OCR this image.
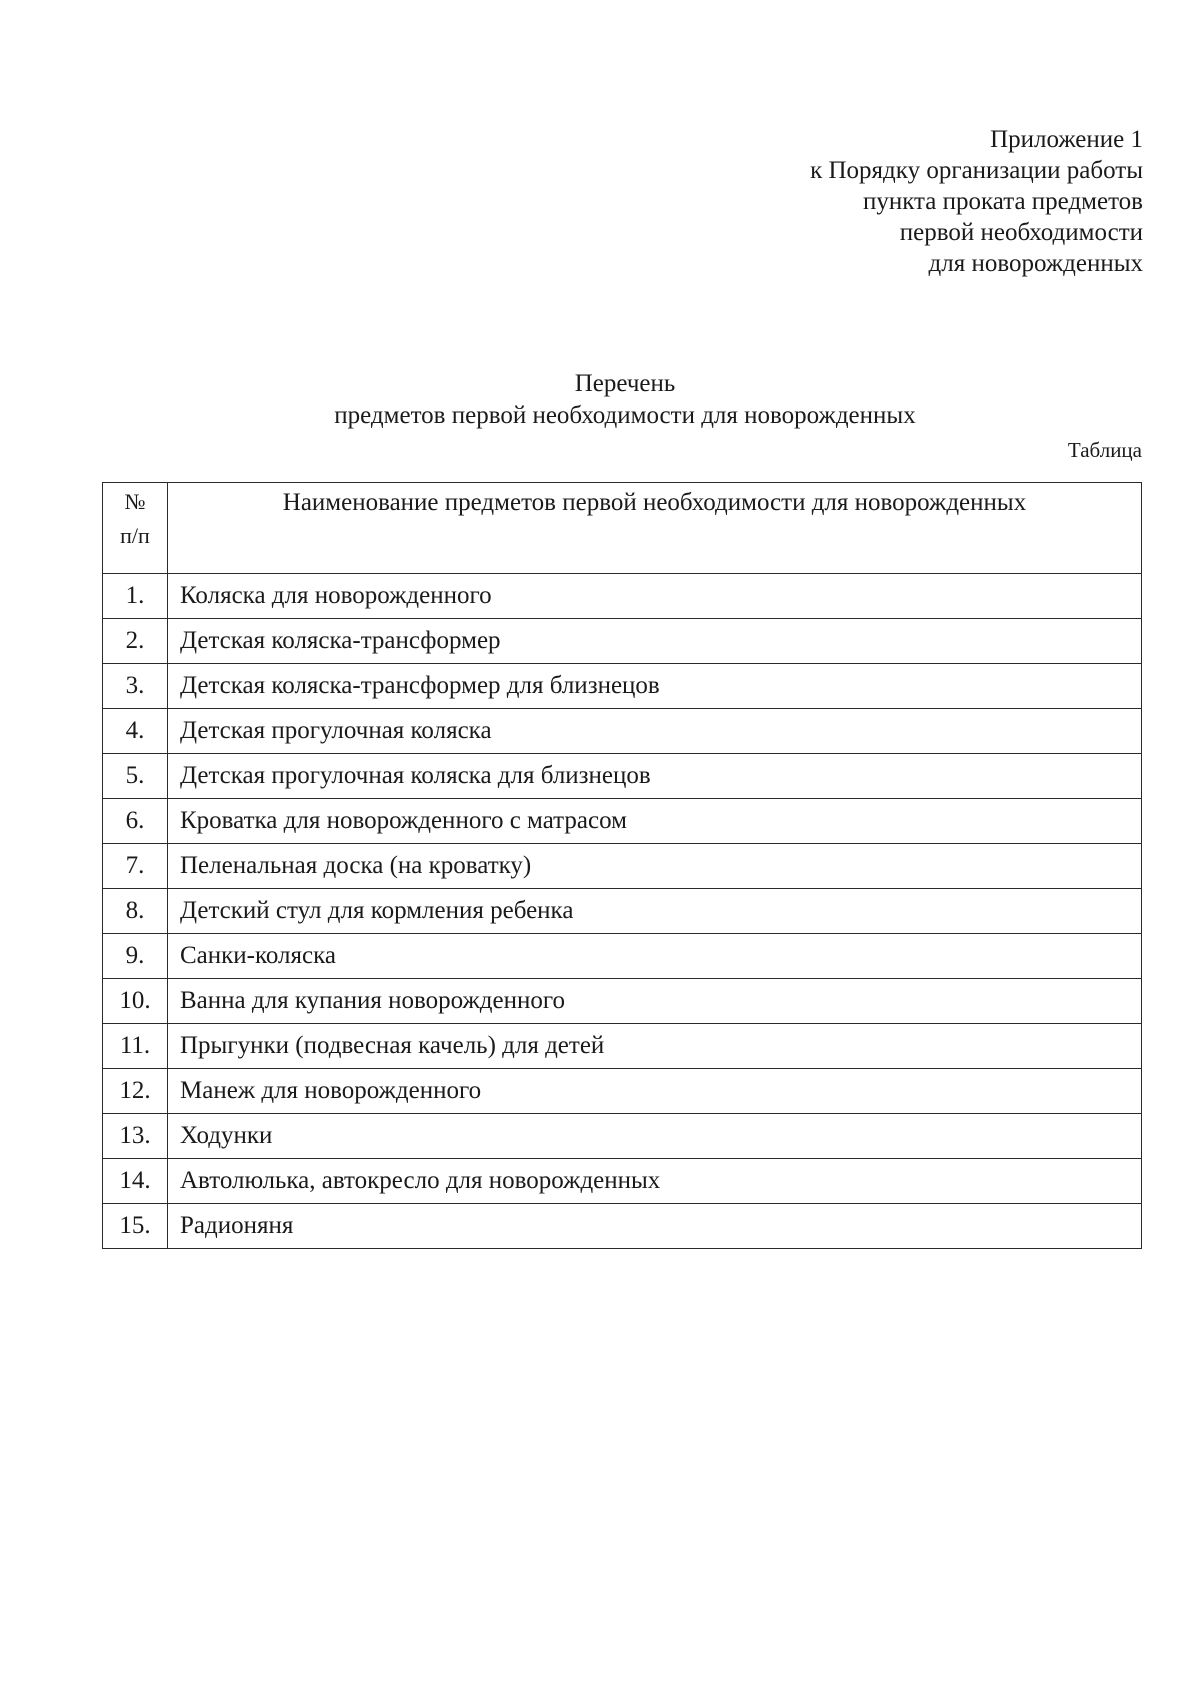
Приложение 1
к Порядку организации работы
пункта проката предметов
первой необходимости
для новорожденных
Перечень
предметов первой необходимости для новорожденных
Таблица
№
п/п	Наименование предметов первой необходимости для новорожденных
1.	Коляска для новорожденного
2.	Детская коляска-трансформер
3.	Детская коляска-трансформер для близнецов
4.	Детская прогулочная коляска
5.	Детская прогулочная коляска для близнецов
6.	Кроватка для новорожденного с матрасом
7.	Пеленальная доска (на кроватку)
8.	Детский стул для кормления ребенка
9.	Санки-коляска
10.	Ванна для купания новорожденного
11.	Прыгунки (подвесная качель) для детей
12.	Манеж для новорожденного
13.	Ходунки
14.	Автолюлька, автокресло для новорожденных
15.	Радионяня
